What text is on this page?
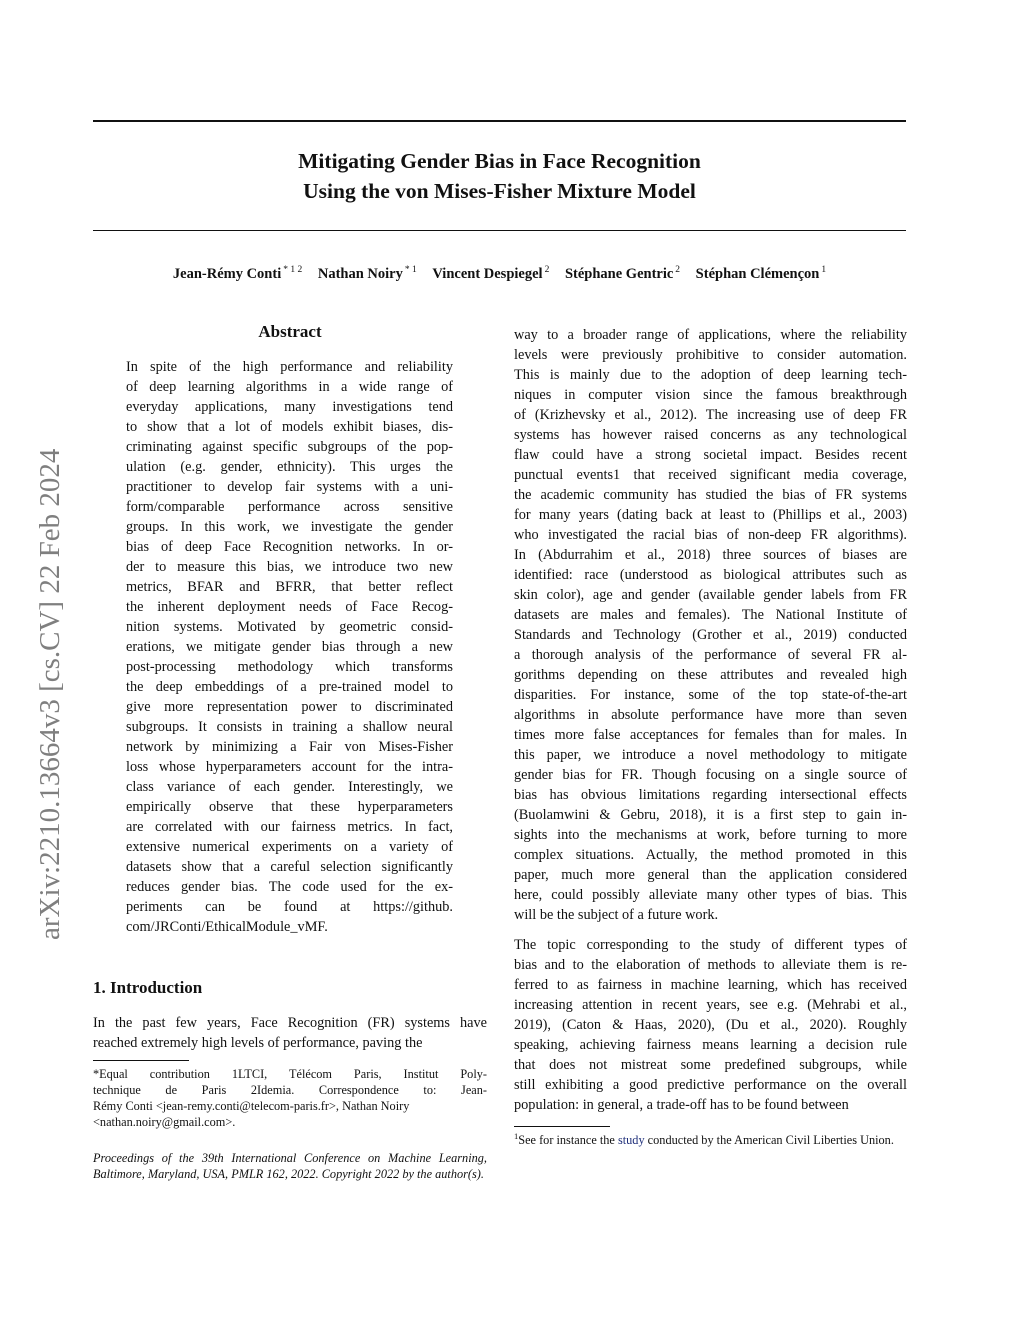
arXiv:2210.13664v3 [cs.CV] 22 Feb 2024
Mitigating Gender Bias in Face Recognition
Using the von Mises-Fisher Mixture Model
Jean-Rémy Conti $^{* 1 2}$ Nathan Noiry $^{* 1}$ Vincent Despiegel $^2$ Stéphane Gentric $^2$ Stéphan Clémençon $^1$
Abstract
In spite of the high performance and reliability
of deep learning algorithms in a wide range of
everyday applications, many investigations tend
to show that a lot of models exhibit biases, dis-
criminating against specific subgroups of the pop-
ulation (e.g. gender, ethnicity). This urges the
practitioner to develop fair systems with a uni-
form/comparable performance across sensitive
groups. In this work, we investigate the gender
bias of deep Face Recognition networks. In or-
der to measure this bias, we introduce two new
metrics, BFAR and BFRR, that better reflect
the inherent deployment needs of Face Recog-
nition systems. Motivated by geometric consid-
erations, we mitigate gender bias through a new
post-processing methodology which transforms
the deep embeddings of a pre-trained model to
give more representation power to discriminated
subgroups. It consists in training a shallow neural
network by minimizing a Fair von Mises-Fisher
loss whose hyperparameters account for the intra-
class variance of each gender. Interestingly, we
empirically observe that these hyperparameters
are correlated with our fairness metrics. In fact,
extensive numerical experiments on a variety of
datasets show that a careful selection significantly
reduces gender bias. The code used for the ex-
periments can be found at https://github.
com/JRConti/EthicalModule_vMF.
1. Introduction
In the past few years, Face Recognition (FR) systems have
reached extremely high levels of performance, paving the
*Equal contribution 1LTCI, Télécom Paris, Institut Poly-
technique de Paris 2Idemia. Correspondence to: Jean-
Rémy Conti <jean-remy.conti@telecom-paris.fr>, Nathan Noiry
<nathan.noiry@gmail.com>.
Proceedings of the 39th International Conference on Machine Learning, Baltimore, Maryland, USA, PMLR 162, 2022. Copyright 2022 by the author(s).
way to a broader range of applications, where the reliability
levels were previously prohibitive to consider automation.
This is mainly due to the adoption of deep learning tech-
niques in computer vision since the famous breakthrough
of (Krizhevsky et al., 2012). The increasing use of deep FR
systems has however raised concerns as any technological
flaw could have a strong societal impact. Besides recent
punctual events1 that received significant media coverage,
the academic community has studied the bias of FR systems
for many years (dating back at least to (Phillips et al., 2003)
who investigated the racial bias of non-deep FR algorithms).
In (Abdurrahim et al., 2018) three sources of biases are
identified: race (understood as biological attributes such as
skin color), age and gender (available gender labels from FR
datasets are males and females). The National Institute of
Standards and Technology (Grother et al., 2019) conducted
a thorough analysis of the performance of several FR al-
gorithms depending on these attributes and revealed high
disparities. For instance, some of the top state-of-the-art
algorithms in absolute performance have more than seven
times more false acceptances for females than for males. In
this paper, we introduce a novel methodology to mitigate
gender bias for FR. Though focusing on a single source of
bias has obvious limitations regarding intersectional effects
(Buolamwini & Gebru, 2018), it is a first step to gain in-
sights into the mechanisms at work, before turning to more
complex situations. Actually, the method promoted in this
paper, much more general than the application considered
here, could possibly alleviate many other types of bias. This
will be the subject of a future work.
The topic corresponding to the study of different types of
bias and to the elaboration of methods to alleviate them is re-
ferred to as fairness in machine learning, which has received
increasing attention in recent years, see e.g. (Mehrabi et al.,
2019), (Caton & Haas, 2020), (Du et al., 2020). Roughly
speaking, achieving fairness means learning a decision rule
that does not mistreat some predefined subgroups, while
still exhibiting a good predictive performance on the overall
population: in general, a trade-off has to be found between
$^1$See for instance the study conducted by the American Civil Liberties Union.
